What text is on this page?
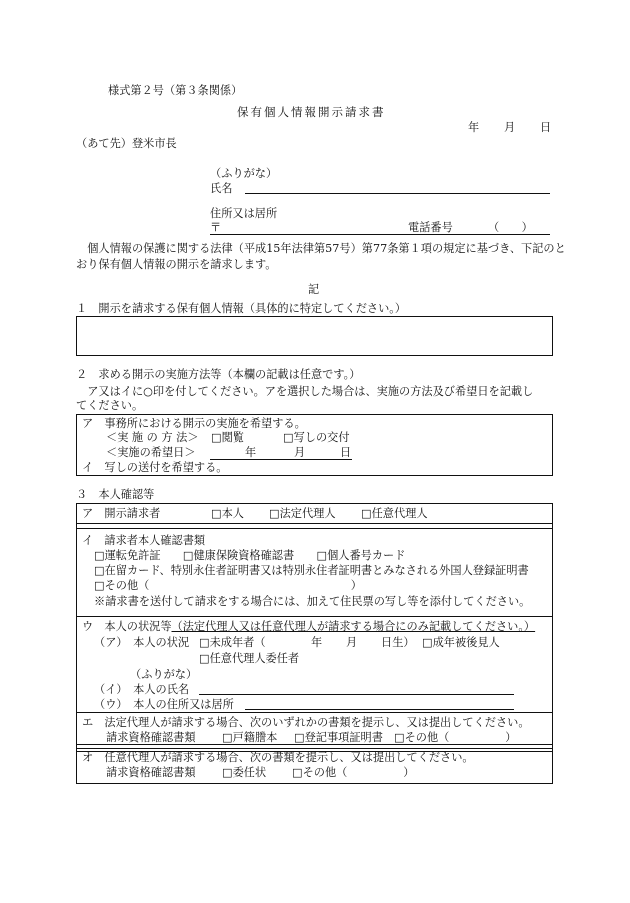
様式第２号（第３条関係）
保有個人情報開示請求書
年 月 日
（あて先）登米市長
（ふりがな）
氏名
住所又は居所
〒	電話番号	（　　）
　個人情報の保護に関する法律（平成15年法律第57号）第77条第１項の規定に基づき、下記のと
おり保有個人情報の開示を請求します。
記
１　開示を請求する保有個人情報（具体的に特定してください。）
２　求める開示の実施方法等（本欄の記載は任意です。）
　ア又はイに○印を付してください。アを選択した場合は、実施の方法及び希望日を記載し
てください。
ア　事務所における開示の実施を希望する。
＜実 施 の 方 法＞ □閲覧	□写しの交付
＜実施の希望日＞	年	月	日
イ　写しの送付を希望する。
３　本人確認等
ア　開示請求者	□本人 □法定代理人 □任意代理人
イ　請求者本人確認書類
□運転免許証　　□健康保険資格確認書　　□個人番号カード
□在留カード、特別永住者証明書又は特別永住者証明書とみなされる外国人登録証明書
□その他（　　　　　　　　　　　　　　　　　　）
※請求書を送付して請求をする場合には、加えて住民票の写し等を添付してください。
ウ　本人の状況等（法定代理人又は任意代理人が請求する場合にのみ記載してください。）
（ア）　本人の状況 □未成年者（	年 月 日生） □成年被後見人
□任意代理人委任者
（ふりがな）
（イ）　本人の氏名
（ウ）　本人の住所又は居所
エ　法定代理人が請求する場合、次のいずれかの書類を提示し、又は提出してください。
請求資格確認書類 □戸籍謄本 □登記事項証明書 □その他（　　　　　）
オ　任意代理人が請求する場合、次の書類を提示し、又は提出してください。
請求資格確認書類 □委任状 □その他（　　　　　）
